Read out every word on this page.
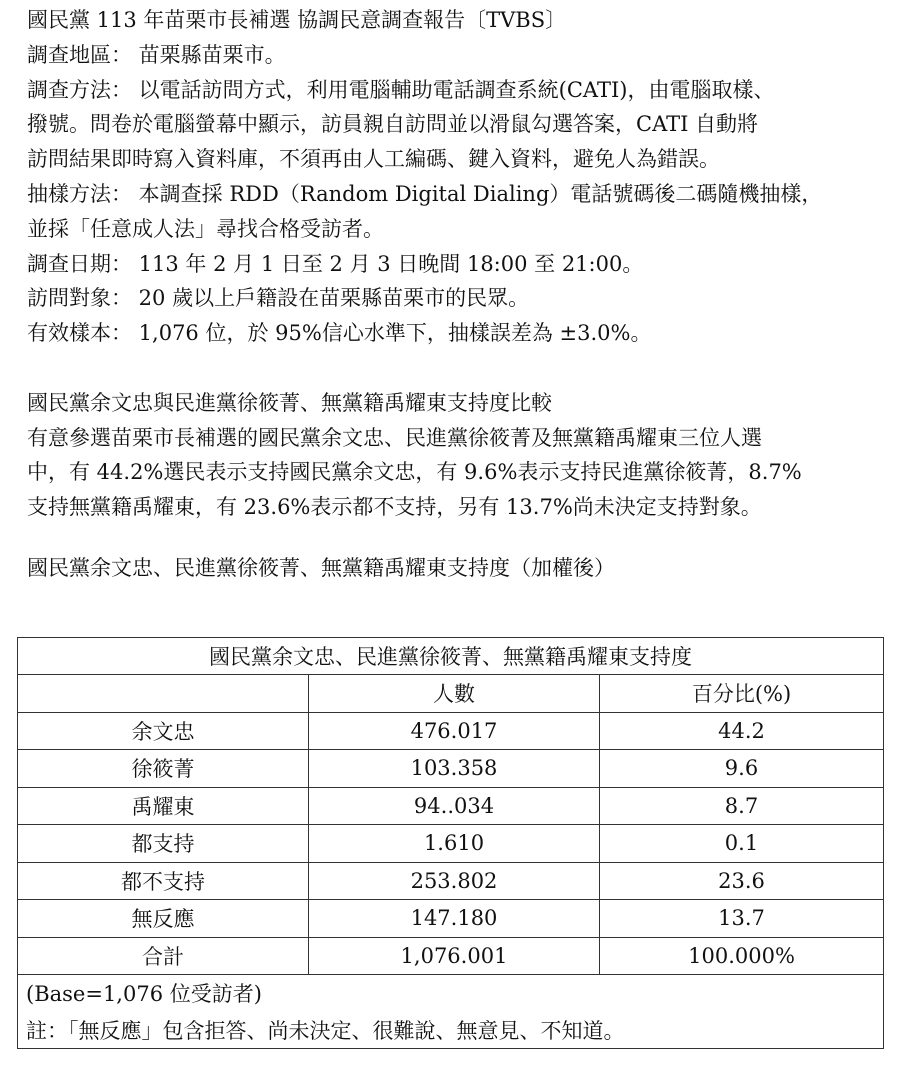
國民黨 113 年苗栗市長補選 協調民意調查報告〔TVBS〕
調查地區： 苗栗縣苗栗市。
調查方法： 以電話訪問方式，利用電腦輔助電話調查系統(CATI)，由電腦取樣、
撥號。問卷於電腦螢幕中顯示，訪員親自訪問並以滑鼠勾選答案，CATI 自動將
訪問結果即時寫入資料庫，不須再由人工編碼、鍵入資料，避免人為錯誤。
抽樣方法： 本調查採 RDD（Random Digital Dialing）電話號碼後二碼隨機抽樣，
並採「任意成人法」尋找合格受訪者。
調查日期： 113 年 2 月 1 日至 2 月 3 日晚間 18:00 至 21:00。
訪問對象： 20 歲以上戶籍設在苗栗縣苗栗市的民眾。
有效樣本： 1,076 位，於 95%信心水準下，抽樣誤差為 ±3.0%。
國民黨余文忠與民進黨徐筱菁、無黨籍禹耀東支持度比較
有意參選苗栗市長補選的國民黨余文忠、民進黨徐筱菁及無黨籍禹耀東三位人選
中，有 44.2%選民表示支持國民黨余文忠，有 9.6%表示支持民進黨徐筱菁，8.7%
支持無黨籍禹耀東，有 23.6%表示都不支持，另有 13.7%尚未決定支持對象。
國民黨余文忠、民進黨徐筱菁、無黨籍禹耀東支持度（加權後）
國民黨余文忠、民進黨徐筱菁、無黨籍禹耀東支持度		
	人數	百分比(%)
余文忠	476.017	44.2
徐筱菁	103.358	9.6
禹耀東	94..034	8.7
都支持	1.610	0.1
都不支持	253.802	23.6
無反應	147.180	13.7
合計	1,076.001	100.000%
(Base=1,076 位受訪者)		
註：「無反應」包含拒答、尚未決定、很難說、無意見、不知道。		
